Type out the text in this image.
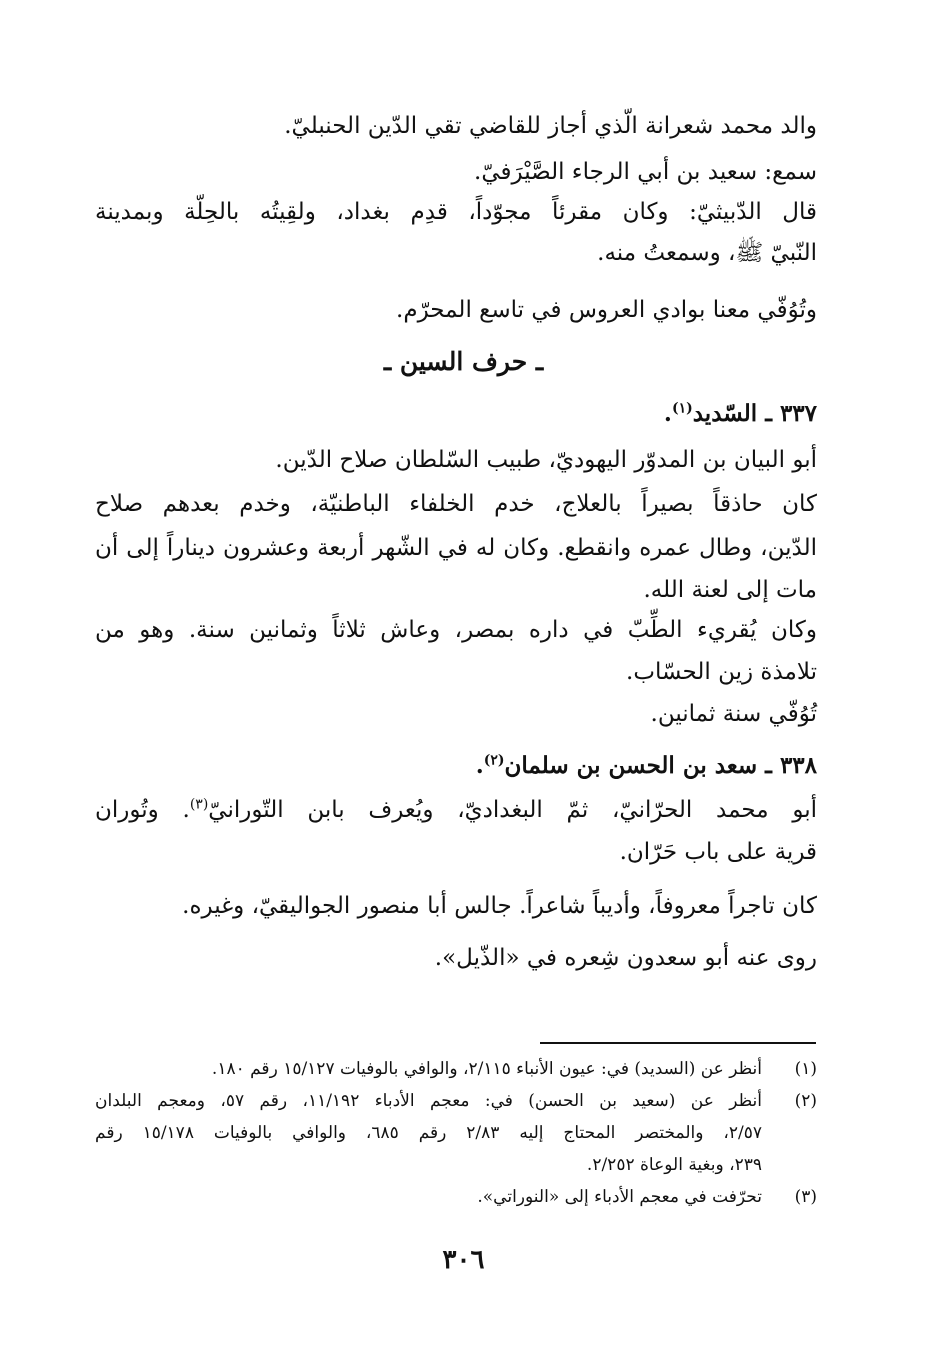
والد محمد شعرانة الّذي أجاز للقاضي تقي الدّين الحنبليّ.
سمع: سعيد بن أبي الرجاء الصَّيْرَفيّ.
قال الدّبيثيّ: وكان مقرئاً مجوّداً، قدِم بغداد، ولقِيتُه بالحِلّة وبمدينة
النّبيّ ﷺ، وسمعتُ منه.
وتُوُفّي معنا بوادي العروس في تاسع المحرّم.
ـ حرف السين ـ
٣٣٧ ـ السّديد$^{(١)}$.
أبو البيان بن المدوّر اليهوديّ، طبيب السّلطان صلاح الدّين.
كان حاذقاً بصيراً بالعلاج، خدم الخلفاء الباطنيّة، وخدم بعدهم صلاح
الدّين، وطال عمره وانقطع. وكان له في الشّهر أربعة وعشرون ديناراً إلى أن
مات إلى لعنة الله.
وكان يُقريء الطِّبّ في داره بمصر، وعاش ثلاثاً وثمانين سنة. وهو من
تلامذة زين الحسّاب.
تُوُفّي سنة ثمانين.
٣٣٨ ـ سعد بن الحسن بن سلمان$^{(٢)}$.
أبو محمد الحرّانيّ، ثمّ البغداديّ، ويُعرف بابن التّورانيّ$^{(٣)}$. وتُوران
قرية على باب حَرّان.
كان تاجراً معروفاً، وأديباً شاعراً. جالس أبا منصور الجواليقيّ، وغيره.
روى عنه أبو سعدون شِعره في «الذّيل».
(١)
أنظر عن (السديد) في: عيون الأنباء ٢/١١٥، والوافي بالوفيات ١٥/١٢٧ رقم ١٨٠.
(٢)
أنظر عن (سعيد بن الحسن) في: معجم الأدباء ١١/١٩٢، رقم ٥٧، ومعجم البلدان
٢/٥٧، والمختصر المحتاج إليه ٢/٨٣ رقم ٦٨٥، والوافي بالوفيات ١٥/١٧٨ رقم
٢٣٩، وبغية الوعاة ٢/٢٥٢.
(٣)
تحرّفت في معجم الأدباء إلى «النوراتي».
٣٠٦
